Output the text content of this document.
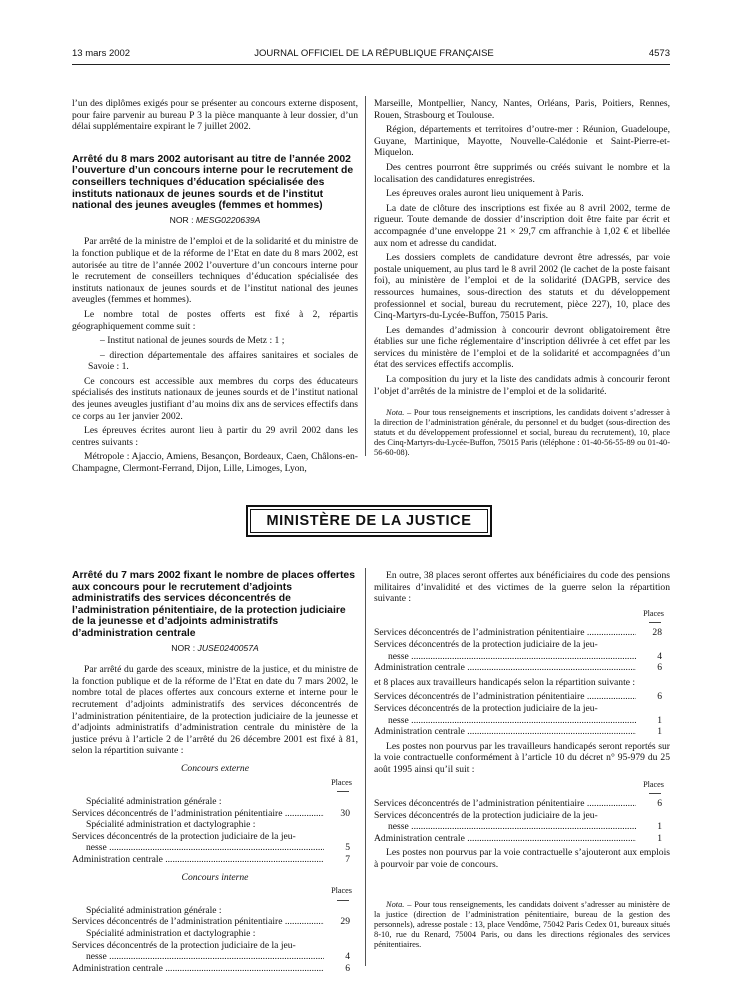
13 mars 2002	JOURNAL OFFICIEL DE LA RÉPUBLIQUE FRANÇAISE	4573

l’un des diplômes exigés pour se présenter au concours externe disposent, pour faire parvenir au bureau P 3 la pièce manquante à leur dossier, d’un délai supplémentaire expirant le 7 juillet 2002.

Arrêté du 8 mars 2002 autorisant au titre de l’année 2002 l’ouverture d’un concours interne pour le recrutement de conseillers techniques d’éducation spécialisée des instituts nationaux de jeunes sourds et de l’institut national des jeunes aveugles (femmes et hommes)

NOR : MESG0220639A

Par arrêté de la ministre de l’emploi et de la solidarité et du ministre de la fonction publique et de la réforme de l’Etat en date du 8 mars 2002, est autorisée au titre de l’année 2002 l’ouverture d’un concours interne pour le recrutement de conseillers techniques d’éducation spécialisée des instituts nationaux de jeunes sourds et de l’institut national des jeunes aveugles (femmes et hommes).

Le nombre total de postes offerts est fixé à 2, répartis géographiquement comme suit :

– Institut national de jeunes sourds de Metz : 1 ;

– direction départementale des affaires sanitaires et sociales de Savoie : 1.

Ce concours est accessible aux membres du corps des éducateurs spécialisés des instituts nationaux de jeunes sourds et de l’institut national des jeunes aveugles justifiant d’au moins dix ans de services effectifs dans ce corps au 1er janvier 2002.

Les épreuves écrites auront lieu à partir du 29 avril 2002 dans les centres suivants :

Métropole : Ajaccio, Amiens, Besançon, Bordeaux, Caen, Châlons-en-Champagne, Clermont-Ferrand, Dijon, Lille, Limoges, Lyon,

Marseille, Montpellier, Nancy, Nantes, Orléans, Paris, Poitiers, Rennes, Rouen, Strasbourg et Toulouse.

Région, départements et territoires d’outre-mer : Réunion, Guadeloupe, Guyane, Martinique, Mayotte, Nouvelle-Calédonie et Saint-Pierre-et-Miquelon.

Des centres pourront être supprimés ou créés suivant le nombre et la localisation des candidatures enregistrées.

Les épreuves orales auront lieu uniquement à Paris.

La date de clôture des inscriptions est fixée au 8 avril 2002, terme de rigueur. Toute demande de dossier d’inscription doit être faite par écrit et accompagnée d’une enveloppe 21 × 29,7 cm affranchie à 1,02 € et libellée aux nom et adresse du candidat.

Les dossiers complets de candidature devront être adressés, par voie postale uniquement, au plus tard le 8 avril 2002 (le cachet de la poste faisant foi), au ministère de l’emploi et de la solidarité (DAGPB, service des ressources humaines, sous-direction des statuts et du développement professionnel et social, bureau du recrutement, pièce 227), 10, place des Cinq-Martyrs-du-Lycée-Buffon, 75015 Paris.

Les demandes d’admission à concourir devront obligatoirement être établies sur une fiche réglementaire d’inscription délivrée à cet effet par les services du ministère de l’emploi et de la solidarité et accompagnées d’un état des services effectifs accomplis.

La composition du jury et la liste des candidats admis à concourir feront l’objet d’arrêtés de la ministre de l’emploi et de la solidarité.

Nota. – Pour tous renseignements et inscriptions, les candidats doivent s’adresser à la direction de l’administration générale, du personnel et du budget (sous-direction des statuts et du développement professionnel et social, bureau du recrutement), 10, place des Cinq-Martyrs-du-Lycée-Buffon, 75015 Paris (téléphone : 01-40-56-55-89 ou 01-40-56-60-08).

MINISTÈRE DE LA JUSTICE

Arrêté du 7 mars 2002 fixant le nombre de places offertes aux concours pour le recrutement d’adjoints administratifs des services déconcentrés de l’administration pénitentiaire, de la protection judiciaire de la jeunesse et d’adjoints administratifs d’administration centrale

NOR : JUSE0240057A

Par arrêté du garde des sceaux, ministre de la justice, et du ministre de la fonction publique et de la réforme de l’Etat en date du 7 mars 2002, le nombre total de places offertes aux concours externe et interne pour le recrutement d’adjoints administratifs des services déconcentrés de l’administration pénitentiaire, de la protection judiciaire de la jeunesse et d’adjoints administratifs d’administration centrale du ministère de la justice prévu à l’article 2 de l’arrêté du 26 décembre 2001 est fixé à 81, selon la répartition suivante :

Concours externe
Places
Spécialité administration générale :
Services déconcentrés de l’administration pénitentiaire .....	30
Spécialité administration et dactylographie :
Services déconcentrés de la protection judiciaire de la jeu-
nesse .....	5
Administration centrale .....	7
Concours interne
Places
Spécialité administration générale :
Services déconcentrés de l’administration pénitentiaire .....	29
Spécialité administration et dactylographie :
Services déconcentrés de la protection judiciaire de la jeu-
nesse .....	4
Administration centrale .....	6

En outre, 38 places seront offertes aux bénéficiaires du code des pensions militaires d’invalidité et des victimes de la guerre selon la répartition suivante :

Places
Services déconcentrés de l’administration pénitentiaire .....	28
Services déconcentrés de la protection judiciaire de la jeu-
nesse .....	4
Administration centrale .....	6

et 8 places aux travailleurs handicapés selon la répartition suivante :

Services déconcentrés de l’administration pénitentiaire .....	6
Services déconcentrés de la protection judiciaire de la jeu-
nesse .....	1
Administration centrale .....	1

Les postes non pourvus par les travailleurs handicapés seront reportés sur la voie contractuelle conformément à l’article 10 du décret n° 95-979 du 25 août 1995 ainsi qu’il suit :

Places
Services déconcentrés de l’administration pénitentiaire .....	6
Services déconcentrés de la protection judiciaire de la jeu-
nesse .....	1
Administration centrale .....	1

Les postes non pourvus par la voie contractuelle s’ajouteront aux emplois à pourvoir par voie de concours.

Nota. – Pour tous renseignements, les candidats doivent s’adresser au ministère de la justice (direction de l’administration pénitentiaire, bureau de la gestion des personnels), adresse postale : 13, place Vendôme, 75042 Paris Cedex 01, bureaux situés 8-10, rue du Renard, 75004 Paris, ou dans les directions régionales des services pénitentiaires.
